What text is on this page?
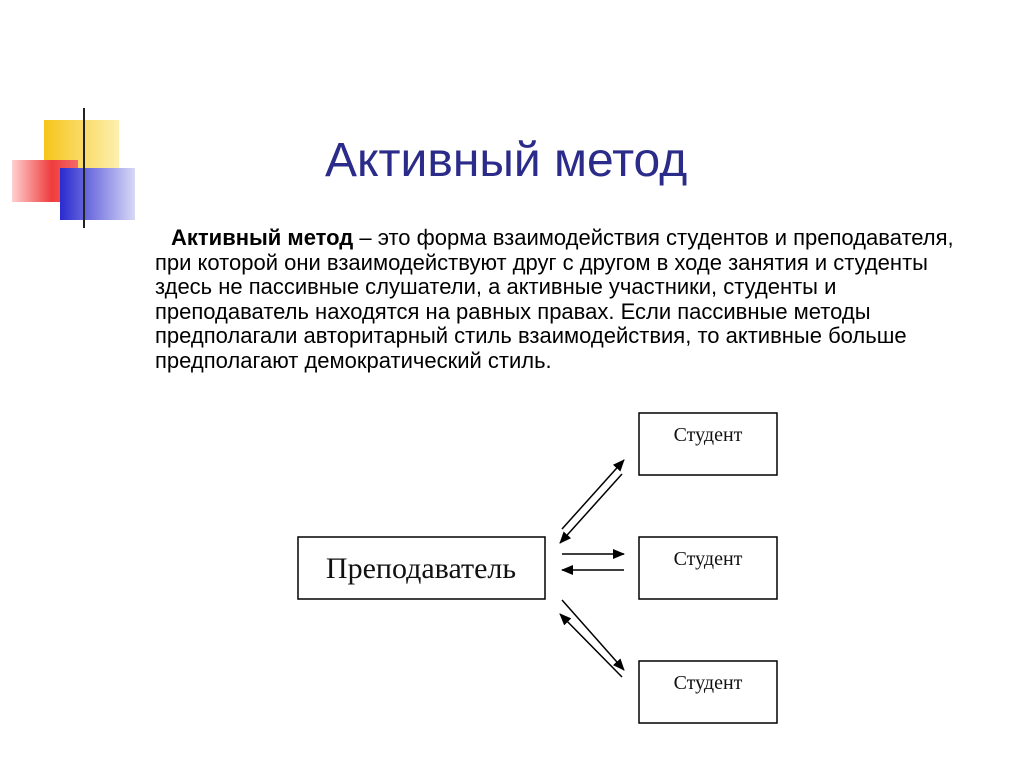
Активный метод
Активный метод – это форма взаимодействия студентов и преподавателя, при которой они взаимодействуют друг с другом в ходе занятия и студенты здесь не пассивные слушатели, а активные участники, студенты и преподаватель находятся на равных правах. Если пассивные методы предполагали авторитарный стиль взаимодействия, то активные больше предполагают демократический стиль.
Преподаватель
Студент
Студент
Студент
